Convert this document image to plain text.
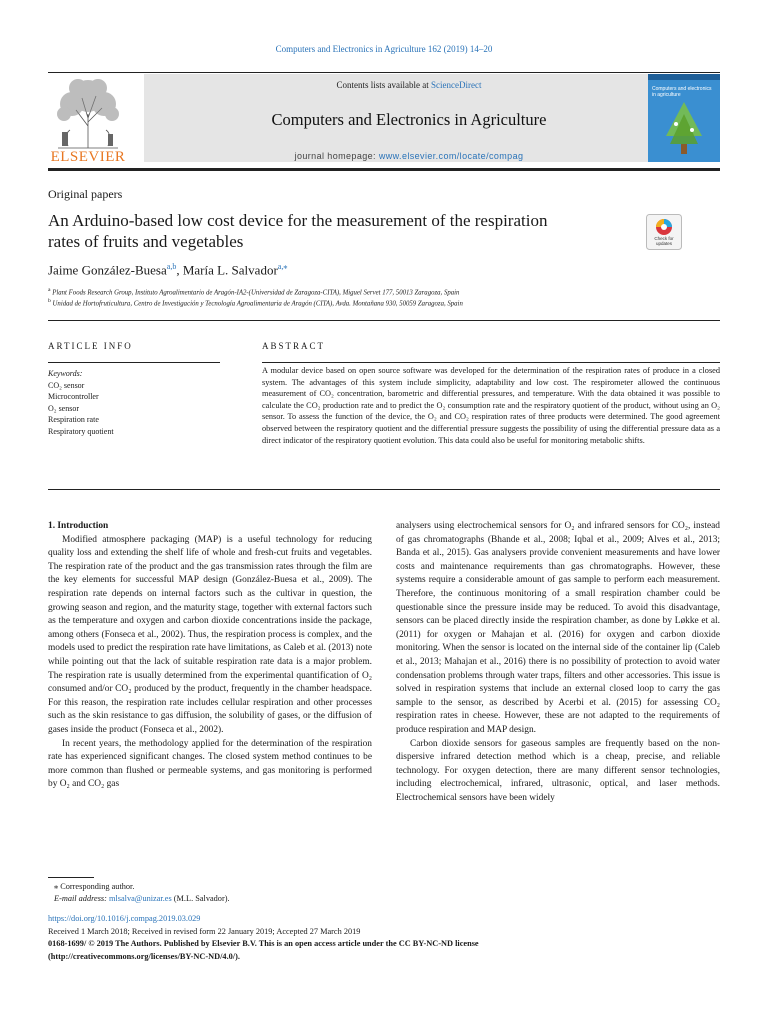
Computers and Electronics in Agriculture 162 (2019) 14–20
ELSEVIER
Contents lists available at ScienceDirect
Computers and Electronics in Agriculture
journal homepage: www.elsevier.com/locate/compag
Computers and electronics in agriculture
Original papers
An Arduino-based low cost device for the measurement of the respiration
rates of fruits and vegetables	Check for updates
Jaime González-Buesa$^{a,b}$, María L. Salvador$^{a,⁎}$
$^a$ Plant Foods Research Group, Instituto Agroalimentario de Aragón-IA2-(Universidad de Zaragoza-CITA), Miguel Servet 177, 50013 Zaragoza, Spain
$^b$ Unidad de Hortofruticultura, Centro de Investigación y Tecnología Agroalimentaria de Aragón (CITA), Avda. Montañana 930, 50059 Zaragoza, Spain
ARTICLE INFO	ABSTRACT
Keywords:
CO₂ sensor
Microcontroller
O₂ sensor
Respiration rate
Respiratory quotient
A modular device based on open source software was developed for the determination of the respiration rates of produce in a closed system. The advantages of this system include simplicity, adaptability and low cost. The respirometer allowed the continuous measurement of CO₂ concentration, barometric and differential pressures, and temperature. With the data obtained it was possible to calculate the CO₂ production rate and to predict the O₂ consumption rate and the respiratory quotient of the product, without using an O₂ sensor. To assess the function of the device, the O₂ and CO₂ respiration rates of three products were determined. The good agreement observed between the respiratory quotient and the differential pressure suggests the possibility of using the differential pressure data as a direct indicator of the respiratory quotient evolution. This data could also be useful for monitoring metabolic shifts.

1. Introduction

Modified atmosphere packaging (MAP) is a useful technology for reducing quality loss and extending the shelf life of whole and fresh-cut fruits and vegetables. The respiration rate of the product and the gas transmission rates through the film are the key elements for successful MAP design (González-Buesa et al., 2009). The respiration rate depends on internal factors such as the cultivar in question, the growing season and region, and the maturity stage, together with external factors such as the temperature and oxygen and carbon dioxide concentrations inside the package, among others (Fonseca et al., 2002). Thus, the respiration process is complex, and the models used to predict the respiration rate have limitations, as Caleb et al. (2013) note while pointing out that the lack of suitable respiration rate data is a major problem. The respiration rate is usually determined from the experimental quantification of O₂ consumed and/or CO₂ produced by the product, frequently in the chamber headspace. For this reason, the respiration rate includes cellular respiration and other processes such as the skin resistance to gas diffusion, the solubility of gases, or the diffusion of gases inside the product (Fonseca et al., 2002).

In recent years, the methodology applied for the determination of the respiration rate has experienced significant changes. The closed system method continues to be more common than flushed or permeable systems, and gas monitoring is performed by O₂ and CO₂ gas

analysers using electrochemical sensors for O₂ and infrared sensors for CO₂, instead of gas chromatographs (Bhande et al., 2008; Iqbal et al., 2009; Alves et al., 2013; Banda et al., 2015). Gas analysers provide convenient measurements and have lower costs and maintenance requirements than gas chromatographs. However, these systems require a considerable amount of gas sample to perform each measurement. Therefore, the continuous monitoring of a small respiration chamber could be questionable since the pressure inside may be reduced. To avoid this disadvantage, sensors can be placed directly inside the respiration chamber, as done by Løkke et al. (2011) for oxygen or Mahajan et al. (2016) for oxygen and carbon dioxide monitoring. When the sensor is located on the internal side of the container lip (Caleb et al., 2013; Mahajan et al., 2016) there is no possibility of protection to avoid water condensation problems through water traps, filters and other accessories. This issue is solved in respiration systems that include an external closed loop to carry the gas sample to the sensor, as described by Acerbi et al. (2015) for assessing CO₂ respiration rates in cheese. However, these are not adapted to the requirements of produce respiration and MAP design.

Carbon dioxide sensors for gaseous samples are frequently based on the non-dispersive infrared detection method which is a cheap, precise, and reliable technology. For oxygen detection, there are many different sensor technologies, including electrochemical, infrared, ultrasonic, optical, and laser methods. Electrochemical sensors have been widely

⁎ Corresponding author.
E-mail address: mlsalva@unizar.es (M.L. Salvador).
https://doi.org/10.1016/j.compag.2019.03.029
Received 1 March 2018; Received in revised form 22 January 2019; Accepted 27 March 2019
0168-1699/ © 2019 The Authors. Published by Elsevier B.V. This is an open access article under the CC BY-NC-ND license
(http://creativecommons.org/licenses/BY-NC-ND/4.0/).
